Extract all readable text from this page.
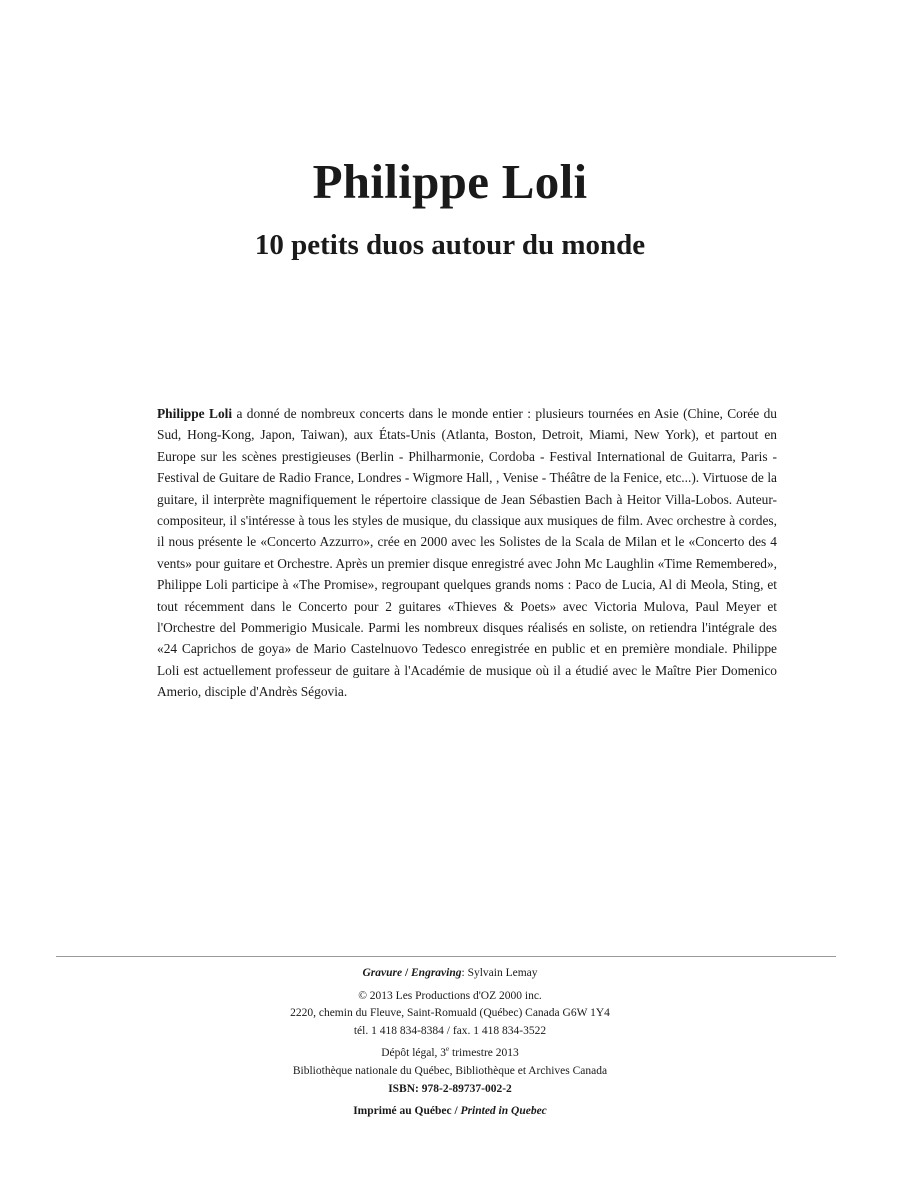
Philippe Loli
10 petits duos autour du monde
Philippe Loli a donné de nombreux concerts dans le monde entier : plusieurs tournées en Asie (Chine, Corée du Sud, Hong-Kong, Japon, Taiwan), aux États-Unis (Atlanta, Boston, Detroit, Miami, New York), et partout en Europe sur les scènes prestigieuses (Berlin - Philharmonie, Cordoba - Festival International de Guitarra, Paris - Festival de Guitare de Radio France, Londres - Wigmore Hall, , Venise - Théâtre de la Fenice, etc...). Virtuose de la guitare, il interprète magnifiquement le répertoire classique de Jean Sébastien Bach à Heitor Villa-Lobos. Auteur-compositeur, il s'intéresse à tous les styles de musique, du classique aux musiques de film. Avec orchestre à cordes, il nous présente le «Concerto Azzurro», crée en 2000 avec les Solistes de la Scala de Milan et le «Concerto des 4 vents» pour guitare et Orchestre. Après un premier disque enregistré avec John Mc Laughlin «Time Remembered», Philippe Loli participe à «The Promise», regroupant quelques grands noms : Paco de Lucia, Al di Meola, Sting, et tout récemment dans le Concerto pour 2 guitares «Thieves & Poets» avec Victoria Mulova, Paul Meyer et l'Orchestre del Pommerigio Musicale. Parmi les nombreux disques réalisés en soliste, on retiendra l'intégrale des «24 Caprichos de goya» de Mario Castelnuovo Tedesco enregistrée en public et en première mondiale. Philippe Loli est actuellement professeur de guitare à l'Académie de musique où il a étudié avec le Maître Pier Domenico Amerio, disciple d'Andrès Ségovia.
Gravure / Engraving: Sylvain Lemay
© 2013 Les Productions d'OZ 2000 inc.
2220, chemin du Fleuve, Saint-Romuald (Québec) Canada G6W 1Y4
tél. 1 418 834-8384 / fax. 1 418 834-3522
Dépôt légal, 3e trimestre 2013
Bibliothèque nationale du Québec, Bibliothèque et Archives Canada
ISBN: 978-2-89737-002-2
Imprimé au Québec / Printed in Quebec
